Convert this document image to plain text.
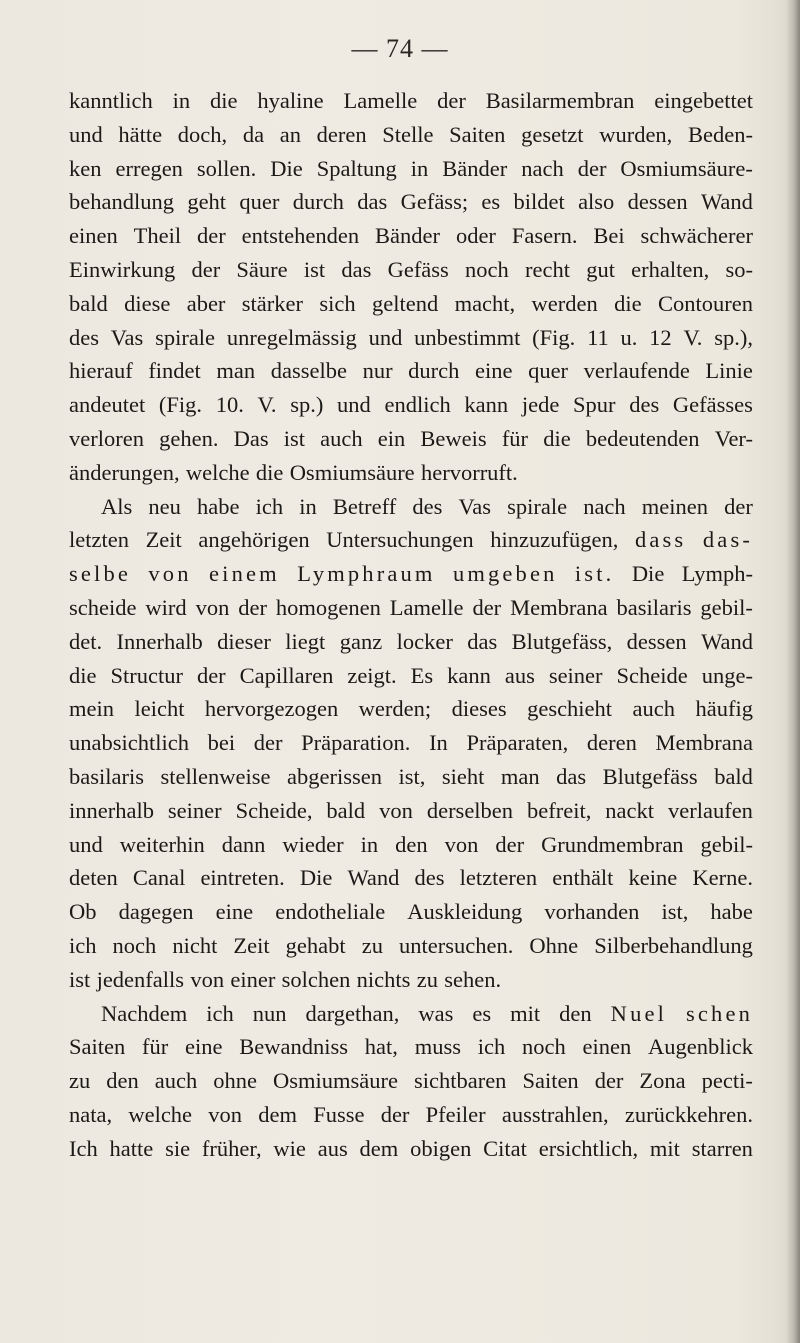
— 74 —
kanntlich in die hyaline Lamelle der Basilarmembran eingebettet
und hätte doch, da an deren Stelle Saiten gesetzt wurden, Beden-
ken erregen sollen. Die Spaltung in Bänder nach der Osmiumsäure-
behandlung geht quer durch das Gefäss; es bildet also dessen Wand
einen Theil der entstehenden Bänder oder Fasern. Bei schwächerer
Einwirkung der Säure ist das Gefäss noch recht gut erhalten, so-
bald diese aber stärker sich geltend macht, werden die Contouren
des Vas spirale unregelmässig und unbestimmt (Fig. 11 u. 12 V. sp.),
hierauf findet man dasselbe nur durch eine quer verlaufende Linie
andeutet (Fig. 10. V. sp.) und endlich kann jede Spur des Gefässes
verloren gehen. Das ist auch ein Beweis für die bedeutenden Ver-
änderungen, welche die Osmiumsäure hervorruft.
Als neu habe ich in Betreff des Vas spirale nach meinen der
letzten Zeit angehörigen Untersuchungen hinzuzufügen, dass das-
selbe von einem Lymphraum umgeben ist. Die Lymph-
scheide wird von der homogenen Lamelle der Membrana basilaris gebil-
det. Innerhalb dieser liegt ganz locker das Blutgefäss, dessen Wand
die Structur der Capillaren zeigt. Es kann aus seiner Scheide unge-
mein leicht hervorgezogen werden; dieses geschieht auch häufig
unabsichtlich bei der Präparation. In Präparaten, deren Membrana
basilaris stellenweise abgerissen ist, sieht man das Blutgefäss bald
innerhalb seiner Scheide, bald von derselben befreit, nackt verlaufen
und weiterhin dann wieder in den von der Grundmembran gebil-
deten Canal eintreten. Die Wand des letzteren enthält keine Kerne.
Ob dagegen eine endotheliale Auskleidung vorhanden ist, habe
ich noch nicht Zeit gehabt zu untersuchen. Ohne Silberbehandlung
ist jedenfalls von einer solchen nichts zu sehen.
Nachdem ich nun dargethan, was es mit den Nuel schen
Saiten für eine Bewandniss hat, muss ich noch einen Augenblick
zu den auch ohne Osmiumsäure sichtbaren Saiten der Zona pecti-
nata, welche von dem Fusse der Pfeiler ausstrahlen, zurückkehren.
Ich hatte sie früher, wie aus dem obigen Citat ersichtlich, mit starren
